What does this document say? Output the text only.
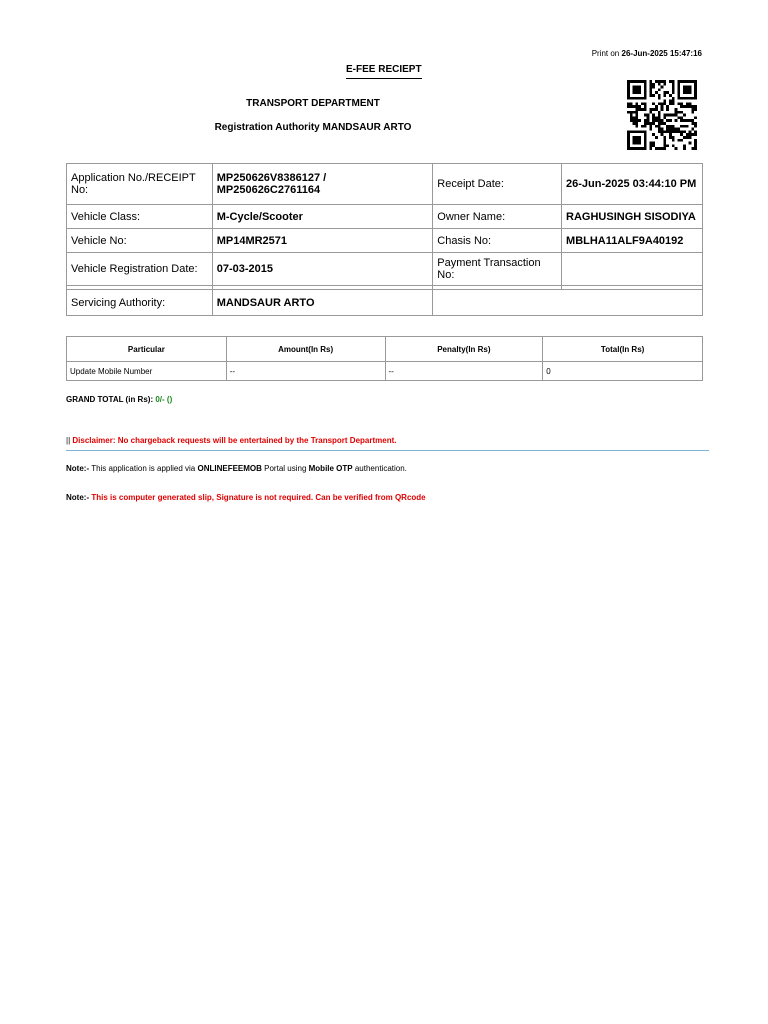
Print on 26-Jun-2025 15:47:16
E-FEE RECIEPT
TRANSPORT DEPARTMENT
Registration Authority MANDSAUR ARTO
Application No./RECEIPT No:	MP250626V8386127 /
MP250626C2761164	Receipt Date:	26-Jun-2025 03:44:10 PM
Vehicle Class:	M-Cycle/Scooter	Owner Name:	RAGHUSINGH SISODIYA
Vehicle No:	MP14MR2571	Chasis No:	MBLHA11ALF9A40192
Vehicle Registration Date:	07-03-2015	Payment Transaction No:	

Servicing Authority:	MANDSAUR ARTO		
Particular	Amount(In Rs)	Penalty(In Rs)	Total(In Rs)
Update Mobile Number	--	--	0
GRAND TOTAL (in Rs): 0/- ()
|| Disclaimer: No chargeback requests will be entertained by the Transport Department.
Note:- This application is applied via ONLINEFEEMOB Portal using Mobile OTP authentication.
Note:- This is computer generated slip, Signature is not required. Can be verified from QRcode
